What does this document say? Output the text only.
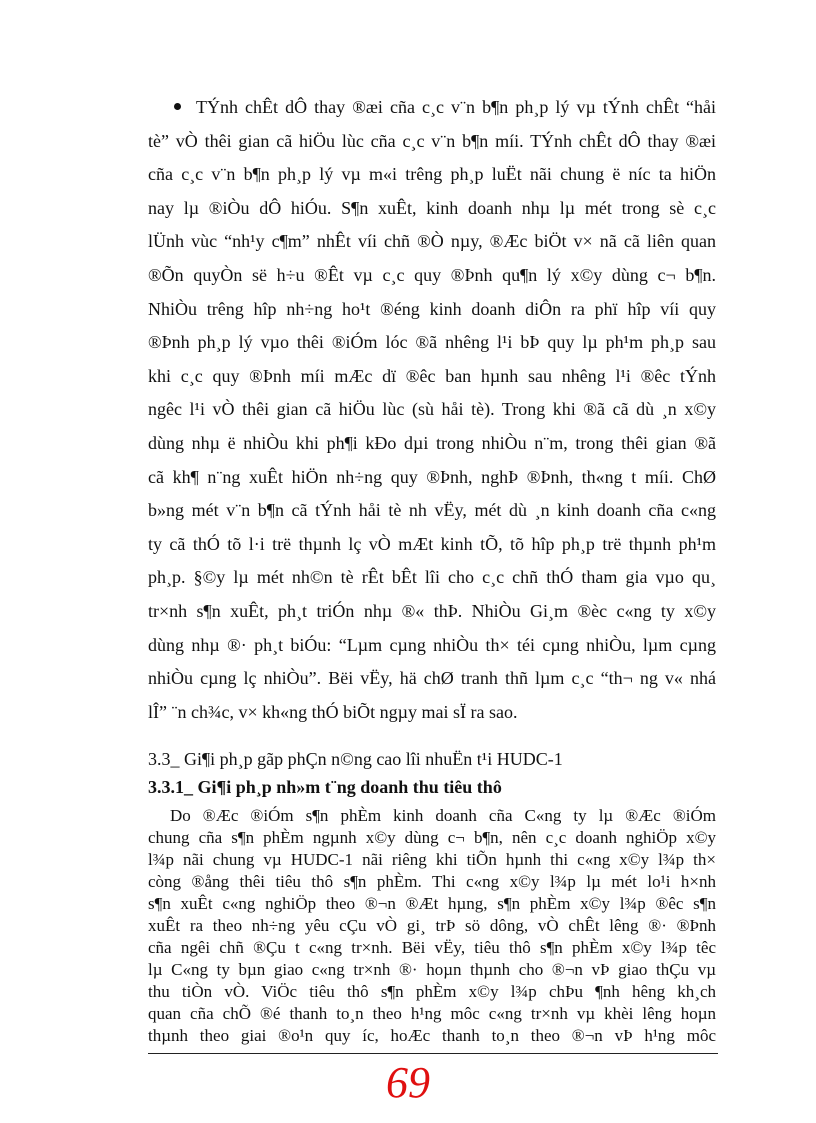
TÝnh chÊt dÔ thay ®æi cña c¸c v¨n b¶n ph¸p lý vµ tÝnh chÊt “håi
tè” vÒ thêi gian cã hiÖu lùc cña c¸c v¨n b¶n míi. TÝnh chÊt dÔ thay ®æi
cña c¸c v¨n b¶n ph¸p lý vµ m«i trêng ph¸p luËt nãi chung ë níc ta hiÖn
nay lµ ®iÒu dÔ hiÓu. S¶n xuÊt, kinh doanh nhµ lµ mét trong sè c¸c
lÜnh vùc “nh¹y c¶m” nhÊt víi chñ ®Ò nµy, ®Æc biÖt v× nã cã liên quan
®Õn quyÒn së h÷u ®Êt vµ c¸c quy ®Þnh qu¶n lý x©y dùng c¬ b¶n.
NhiÒu trêng hîp nh÷ng ho¹t ®éng kinh doanh diÔn ra phï hîp víi quy
®Þnh ph¸p lý vµo thêi ®iÓm lóc ®ã nhêng l¹i bÞ quy lµ ph¹m ph¸p sau
khi c¸c quy ®Þnh míi mÆc dï ®êc ban hµnh sau nhêng l¹i ®êc tÝnh
ngêc l¹i vÒ thêi gian cã hiÖu lùc (sù håi tè). Trong khi ®ã cã dù ¸n x©y
dùng nhµ ë nhiÒu khi ph¶i kÐo dµi trong nhiÒu n¨m, trong thêi gian ®ã
cã kh¶ n¨ng xuÊt hiÖn nh÷ng quy ®Þnh, nghÞ ®Þnh, th«ng t míi. ChØ
b»ng mét v¨n b¶n cã tÝnh håi tè nh vËy, mét dù ¸n kinh doanh cña c«ng
ty cã thÓ tõ l·i trë thµnh lç vÒ mÆt kinh tÕ, tõ hîp ph¸p trë thµnh ph¹m
ph¸p. §©y lµ mét nh©n tè rÊt bÊt lîi cho c¸c chñ thÓ tham gia vµo qu¸
tr×nh s¶n xuÊt, ph¸t triÓn nhµ ®« thÞ. NhiÒu Gi¸m ®èc c«ng ty x©y
dùng nhµ ®· ph¸t biÓu: “Lµm cµng nhiÒu th× téi cµng nhiÒu, lµm cµng
nhiÒu cµng lç nhiÒu”. Bëi vËy, hä chØ tranh thñ lµm c¸c “th¬ ng v« nhá
lÎ” ¨n ch¾c, v× kh«ng thÓ biÕt ngµy mai sÏ ra sao.
3.3_ Gi¶i ph¸p gãp phÇn n©ng cao lîi nhuËn t¹i HUDC-1
3.3.1_ Gi¶i ph¸p nh»m t¨ng doanh thu tiêu thô
Do ®Æc ®iÓm s¶n phÈm kinh doanh cña C«ng ty lµ ®Æc ®iÓm
chung cña s¶n phÈm ngµnh x©y dùng c¬ b¶n, nên c¸c doanh nghiÖp x©y
l¾p nãi chung vµ HUDC-1 nãi riêng khi tiÕn hµnh thi c«ng x©y l¾p th×
còng ®ång thêi tiêu thô s¶n phÈm. Thi c«ng x©y l¾p lµ mét lo¹i h×nh
s¶n xuÊt c«ng nghiÖp theo ®¬n ®Æt hµng, s¶n phÈm x©y l¾p ®êc s¶n
xuÊt ra theo nh÷ng yêu cÇu vÒ gi¸ trÞ sö dông, vÒ chÊt lêng ®· ®Þnh
cña ngêi chñ ®Çu t c«ng tr×nh. Bëi vËy, tiêu thô s¶n phÈm x©y l¾p têc
lµ C«ng ty bµn giao c«ng tr×nh ®· hoµn thµnh cho ®¬n vÞ giao thÇu vµ
thu tiÒn vÒ. ViÖc tiêu thô s¶n phÈm x©y l¾p chÞu ¶nh hêng kh¸ch
quan cña chÕ ®é thanh to¸n theo h¹ng môc c«ng tr×nh vµ khèi lêng hoµn
thµnh theo giai ®o¹n quy íc, hoÆc thanh to¸n theo ®¬n vÞ h¹ng môc
69
